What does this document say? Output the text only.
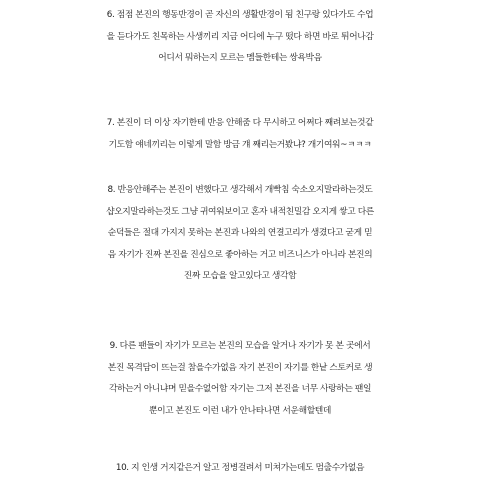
6. 점점 본진의 행동반경이 곧 자신의 생활반경이 됨 친구랑 있다가도 수업
을 듣다가도 친목하는 사생끼리 지금 어디에 누구 떴다 하면 바로 튀어나감
어디서 뭐하는지 모르는 멤들한테는 쌍욕박음
7. 본진이 더 이상 자기한테 반응 안해줌 다 무시하고 어쩌다 째려보는것같
기도함 얘네끼리는 이렇게 말함 방금 걔 째리는거봤냐? 개기여워~ㅋㅋㅋ
8. 반응안해주는 본진이 변했다고 생각해서 개빡침 숙소오지말라하는것도
샵오지말라하는것도 그냥 귀여워보이고 혼자 내적친밀감 오지게 쌓고 다른
순덕들은 절대 가지지 못하는 본진과 나와의 연결고리가 생겼다고 굳게 믿
음 자기가 진짜 본진을 진심으로 좋아하는 거고 비즈니스가 아니라 본진의
진짜 모습을 알고있다고 생각함
9. 다른 팬들이 자기가 모르는 본진의 모습을 알거나 자기가 못 본 곳에서
본진 목격담이 뜨는걸 참을수가없음 자기 본진이 자기를 한낱 스토커로 생
각하는거 아니냐며 믿을수없어함 자기는 그저 본진을 너무 사랑하는 팬일
뿐이고 본진도 이런 내가 안나타나면 서운해할텐데
10. 지 인생 거지같은거 알고 정병걸려서 미쳐가는데도 멈출수가없음
